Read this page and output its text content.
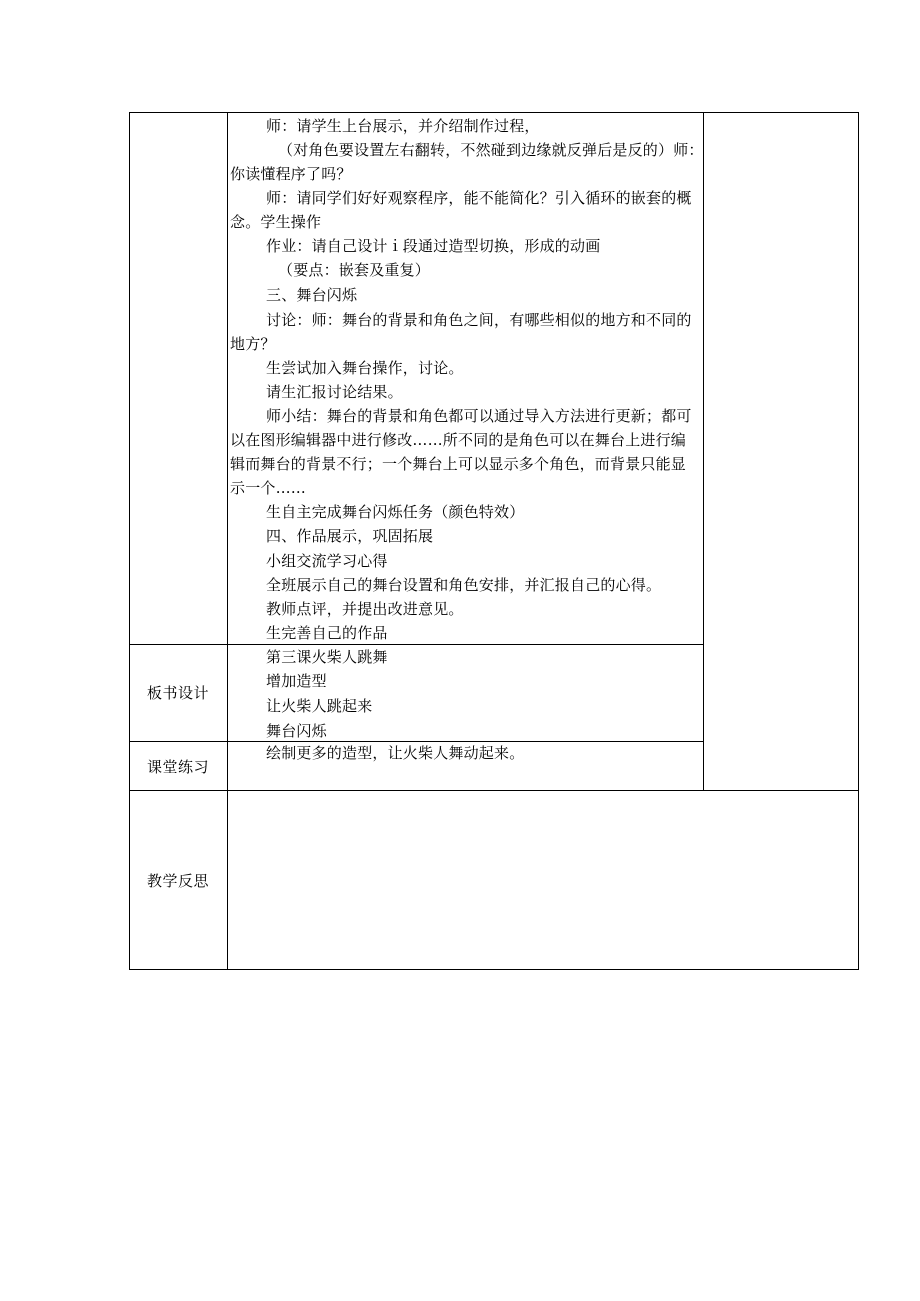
师：请学生上台展示，并介绍制作过程，
（对角色要设置左右翻转，不然碰到边缘就反弹后是反的）师：
你读懂程序了吗？
师：请同学们好好观察程序，能不能简化？引入循环的嵌套的概
念。学生操作
作业：请自己设计ｉ段通过造型切换，形成的动画
（要点：嵌套及重复）
三、舞台闪烁
讨论：师：舞台的背景和角色之间，有哪些相似的地方和不同的
地方？
生尝试加入舞台操作，讨论。
请生汇报讨论结果。
师小结：舞台的背景和角色都可以通过导入方法进行更新；都可
以在图形编辑器中进行修改……所不同的是角色可以在舞台上进行编
辑而舞台的背景不行；一个舞台上可以显示多个角色，而背景只能显
示一个……
生自主完成舞台闪烁任务（颜色特效）
四、作品展示，巩固拓展
小组交流学习心得
全班展示自己的舞台设置和角色安排，并汇报自己的心得。
教师点评，并提出改进意见。
生完善自己的作品
板书设计
第三课火柴人跳舞
增加造型
让火柴人跳起来
舞台闪烁
课堂练习
绘制更多的造型，让火柴人舞动起来。
教学反思
